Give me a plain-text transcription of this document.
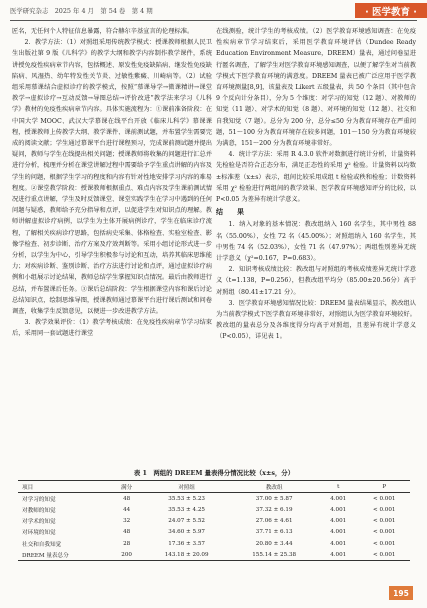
医学研究杂志　2025 年 4 月　第 54 卷　第 4 期	· 医学教育 ·

匠名，无任何个人特征信息暴露，符合赫尔辛基宣言的伦理标准。

2．教学方法：（1）对照组采用传统教学模式：授课教师根据人民卫生出版社第 9 版《儿科学》的教学大纲和教学内容制作教学课件，系统讲授免疫性疾病章节内容，包括概述、原发性免疫缺陷病、继发性免疫缺陷病、风湿热、幼年特发性关节炎、过敏性紫癜、川崎病等。（2）试验组采用慕课结合虚拟诊疗的教学模式，按照“慕课导学→微课精讲→课堂教学→虚拟诊疗→互动反馈→导图总结→评价改进”教学法来学习《儿科学》教材的免疫性疾病章节内容。具体实施流程为：①课前准备阶段：在中国大学 MOOC、武汉大学慕课在线平台开放《临床儿科学》慕课课程，授课教师上传教学大纲、教学课件、课前测试题，并布置学生需要完成的阅读文献；学生通过慕课平台进行课程预习，完成课前测试题并提出疑问，教师与学生在线提出相关问题；授课教师将收集的问题进行汇总并进行分析，梳理并分析在课堂讲解过程中需要给予学生重点讲解的内容及学生的问题，根据学生学习的程度和内容有针对性地安排学习内容的难易程度。②课堂教学阶段：授课教师根据重点、难点内容及学生课前测试情况进行重点讲解，学生及时反馈课堂、课堂实践学生在学习中遇到的任何问题与疑惑，教师给予充分指导和点评，以促进学生对知识点的理解。教师讲解虚拟诊疗病例，以学生为主体开展病例诊疗，学生在临床诊疗流程，了解相关疾病诊疗思路，包括病史采集、体格检查、实验室检查、影像学检查、初步诊断、治疗方案及疗效判断等。采用小组讨论形式进一步分析，以学生为中心，引导学生积极参与讨论和互动，培养其临床思维能力；对疾病诊断、鉴别诊断、治疗方法进行讨论和点评，通过虚拟诊疗病例和小组展示讨论结果，教师总结学生掌握知识点情况。最后由教师进行总结，并布置课后任务。③课后总结阶段：学生根据课堂内容和课后讨论总结知识点，绘制思维导图，授课教师通过慕课平台进行课后测试和问卷调查，收集学生反馈意见，以便进一步改进教学方法。

3．教学效果评价：（1）教学考核成绩：在免疫性疾病章节学习结束后，采用同一套试题进行课堂

在线测验，统计学生的考核成绩。（2）医学教育环境感知调查：在免疫性疾病章节学习结束后，采用医学教育环境评估（Dundee Ready Education Environment Measure，DREEM）量表，通过问卷星进行匿名调查，了解学生对医学教育环境感知调查，以便了解学生对当前教学模式下医学教育环境的满意度。DREEM 量表已被广泛应用于医学教育环境测量[8,9]，该量表及 Likert 五级量表，共 50 个条目（其中包含 9 个反向计分条目），分为 5 个维度：对学习的知觉（12 题）、对教师的知觉（11 题）、对学术的知觉（8 题）、对环境的知觉（12 题）、社交和自我知觉（7 题）。总分为 200 分，总分≤50 分为教育环境存在严重问题，51～100 分为教育环境存在较多问题，101～150 分为教育环境较为满意，151～200 分为教育环境非常好。

4．统计学方法：采用 R 4.3.0 软件对数据进行统计分析，计量资料先检验是否符合正态分布，满足正态性的采用 χ² 检验。计量资料以均数±标准差（x±s）表示，组间比较采用成组 t 检验或秩和检验；计数资料采用 χ² 检验进行两组间的教学效果、医学教育环境感知评分的比较，以 P<0.05 为差异有统计学意义。

结　　果

1．纳入对象的基本情况：教改组纳入 160 名学生，其中男性 88 名（55.00%），女性 72 名（45.00%）；对照组纳入 160 名学生，其中男性 74 名（52.03%），女性 71 名（47.97%）；两组性别差异无统计学意义（χ²=0.167，P=0.683）。

2．知识考核成绩比较：教改组与对照组的考核成绩差异无统计学意义（t=1.138，P=0.256），但教改组平均分（85.00±20.56分）高于对照组（80.41±17.21 分）。

3．医学教育环境感知情况比较：DREEM 量表结果显示，教改组认为当前教学模式下医学教育环境非常好，对照组认为医学教育环境较好。教改组的量表总分及各维度得分均高于对照组，且差异有统计学意义（P<0.05），详见表 1。

表 1　两组的 DREEM 量表得分情况比较（x±s，分）
项目	满分	对照组	教改组	t	P
对学习的知觉	48	35.53 ± 5.23	37.00 ± 5.87	4.001	< 0.001
对教师的知觉	44	35.53 ± 4.25	37.32 ± 6.19	4.001	< 0.001
对学术的知觉	32	24.07 ± 5.52	27.06 ± 4.61	4.001	< 0.001
对环境的知觉	48	34.60 ± 5.97	37.71 ± 6.13	4.001	< 0.001
社交和自我知觉	28	17.36 ± 3.57	20.80 ± 3.44	4.001	< 0.001
DREEM 量表总分	200	143.18 ± 20.09	155.14 ± 25.38	4.001	< 0.001
195
